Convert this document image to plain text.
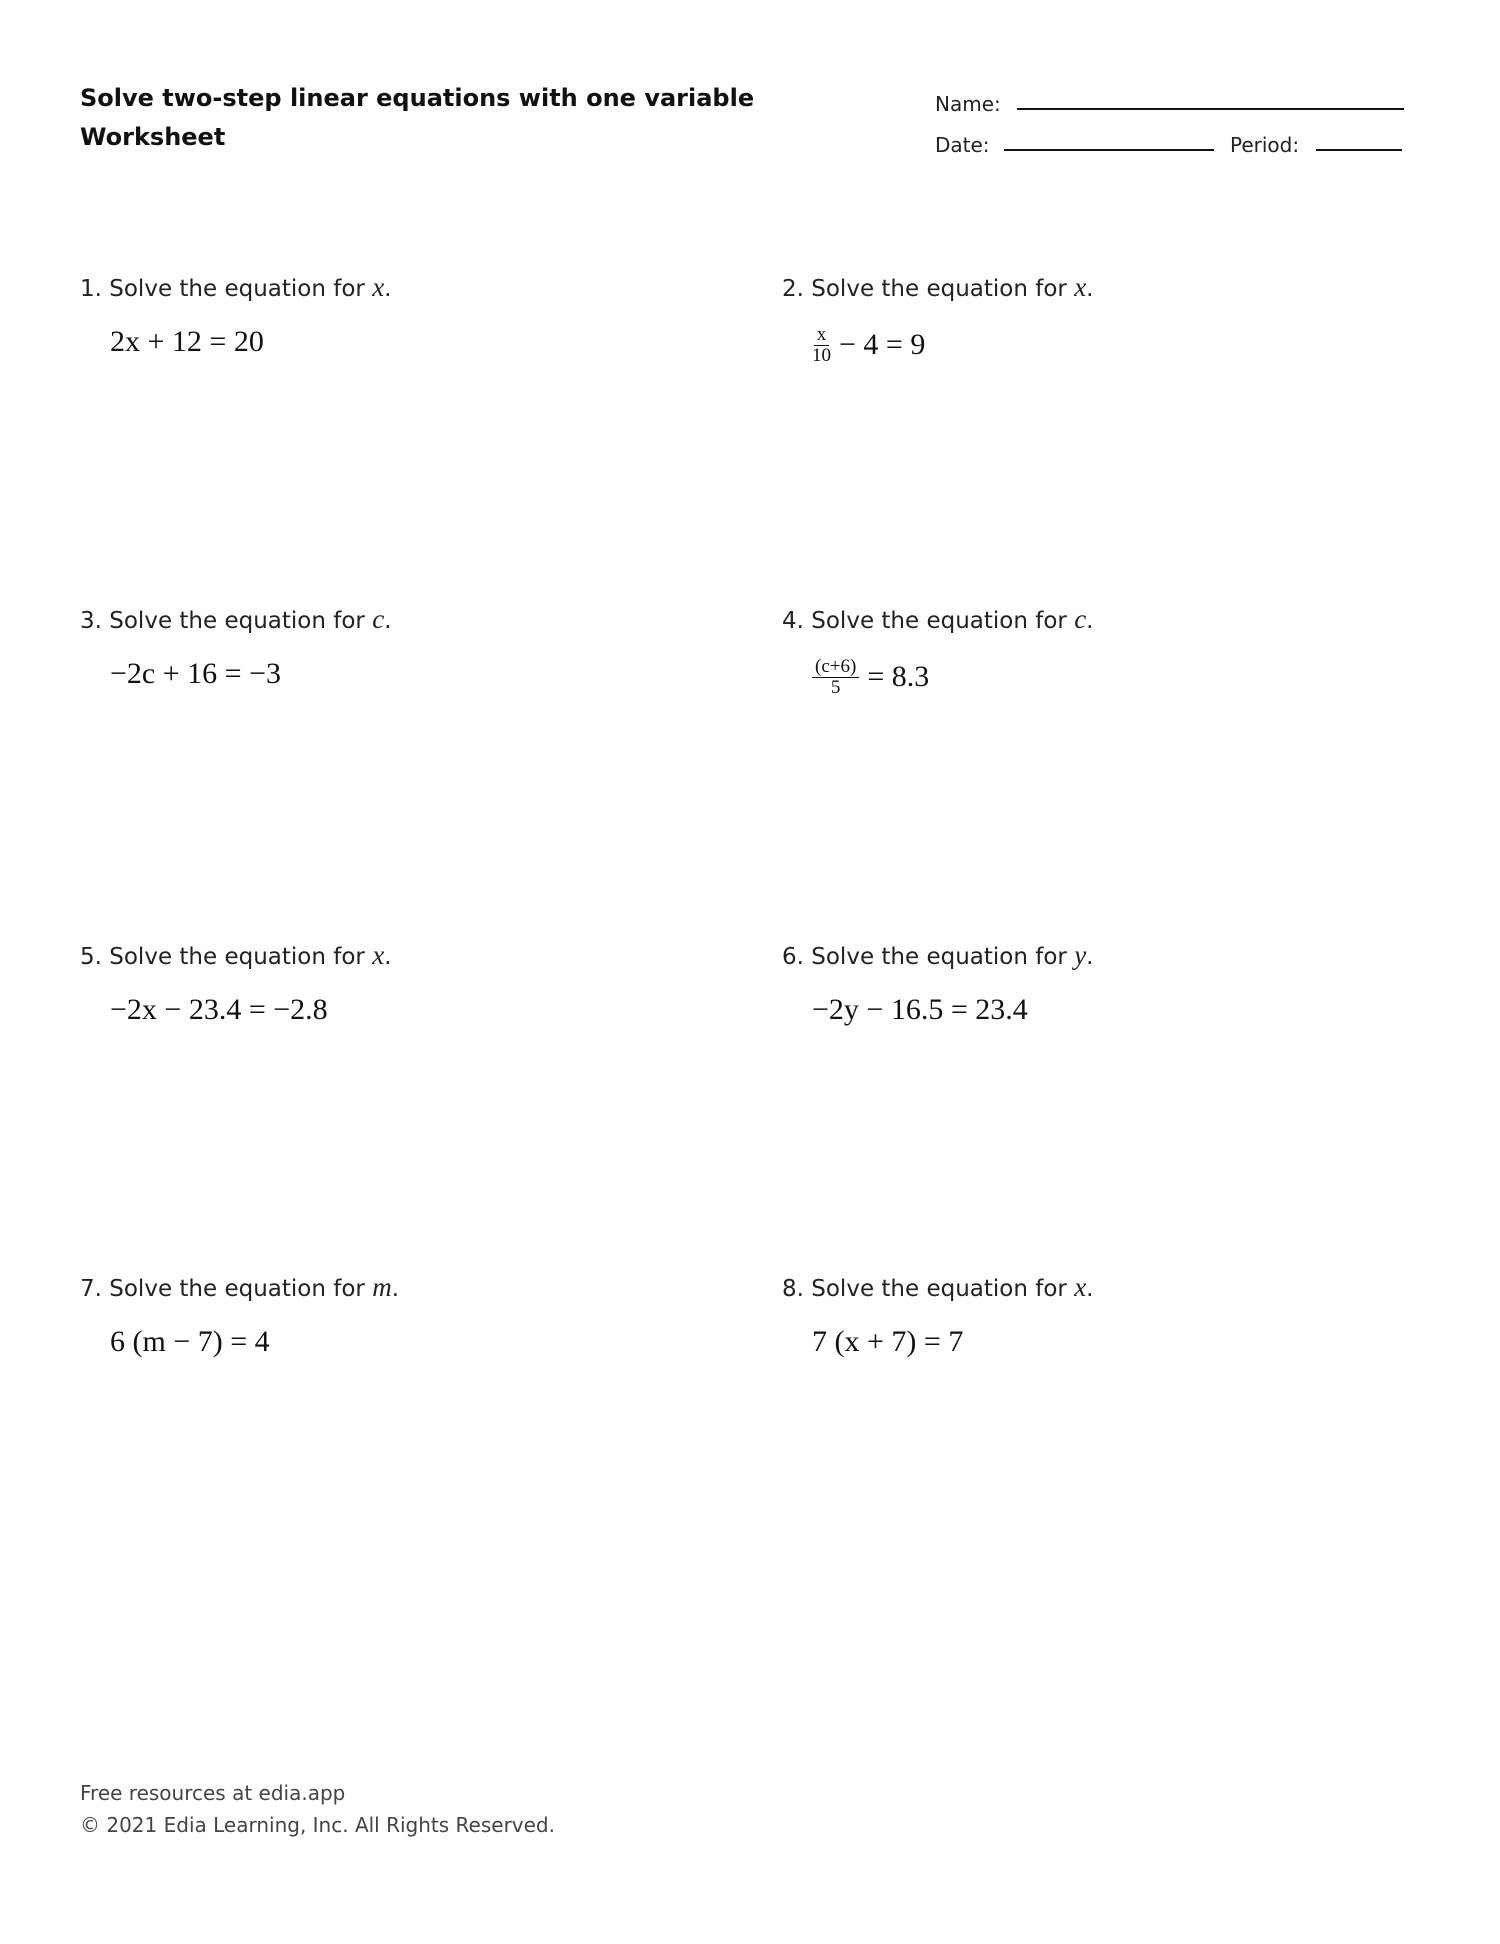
Solve two-step linear equations with one variable
Worksheet
Name:
Date:	Period:
1. Solve the equation for x.
2x + 12 = 20
2. Solve the equation for x.
$\frac{x}{10} - 4 = 9$
3. Solve the equation for c.
−2c + 16 = −3
4. Solve the equation for c.
$\frac{(c+6)}{5} = 8.3$
5. Solve the equation for x.
−2x − 23.4 = −2.8
6. Solve the equation for y.
−2y − 16.5 = 23.4
7. Solve the equation for m.
6 (m − 7) = 4
8. Solve the equation for x.
7 (x + 7) = 7
Free resources at edia.app
© 2021 Edia Learning, Inc. All Rights Reserved.
